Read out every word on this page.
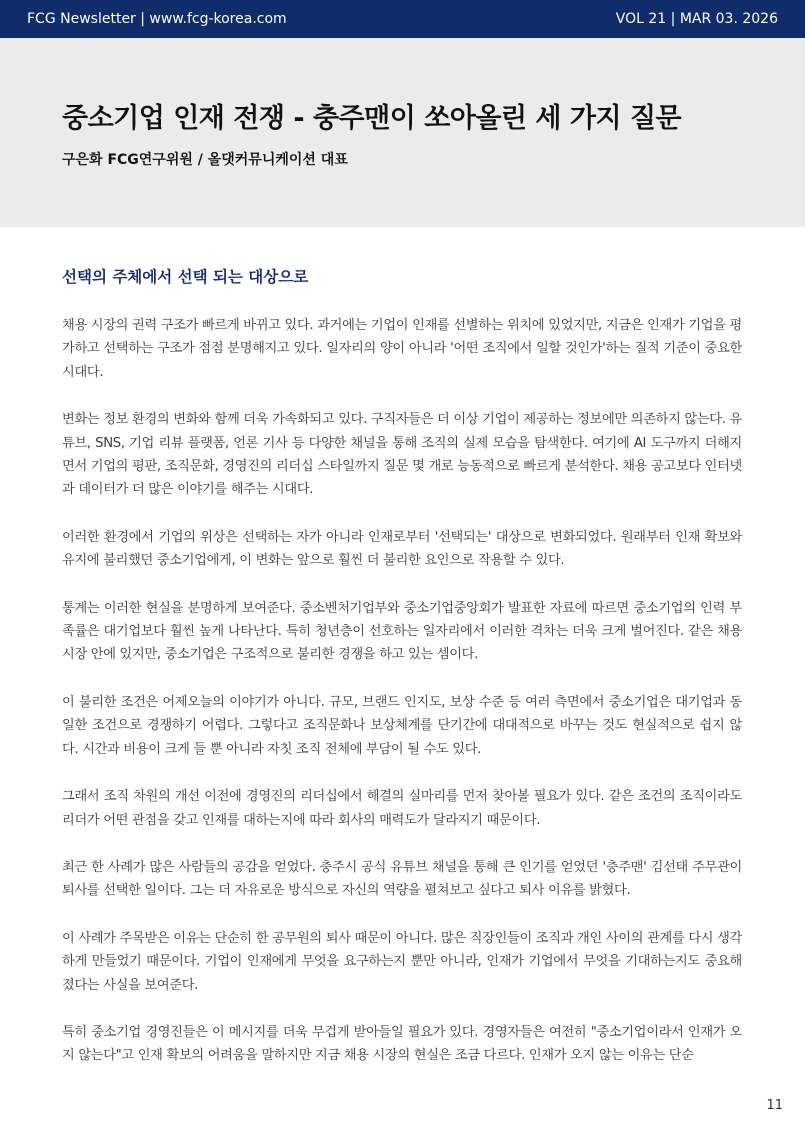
FCG Newsletter | www.fcg-korea.com	VOL 21 | MAR 03. 2026
중소기업 인재 전쟁 - 충주맨이 쏘아올린 세 가지 질문
구은화 FCG연구위원 / 올댓커뮤니케이션 대표
선택의 주체에서 선택 되는 대상으로

채용 시장의 권력 구조가 빠르게 바뀌고 있다. 과거에는 기업이 인재를 선별하는 위치에 있었지만, 지금은 인재가 기업을 평가하고 선택하는 구조가 점점 분명해지고 있다. 일자리의 양이 아니라 '어떤 조직에서 일할 것인가'하는 질적 기준이 중요한 시대다.

변화는 정보 환경의 변화와 함께 더욱 가속화되고 있다. 구직자들은 더 이상 기업이 제공하는 정보에만 의존하지 않는다. 유튜브, SNS, 기업 리뷰 플랫폼, 언론 기사 등 다양한 채널을 통해 조직의 실제 모습을 탐색한다. 여기에 AI 도구까지 더해지면서 기업의 평판, 조직문화, 경영진의 리더십 스타일까지 질문 몇 개로 능동적으로 빠르게 분석한다. 채용 공고보다 인터넷과 데이터가 더 많은 이야기를 해주는 시대다.

이러한 환경에서 기업의 위상은 선택하는 자가 아니라 인재로부터 '선택되는' 대상으로 변화되었다. 원래부터 인재 확보와 유지에 불리했던 중소기업에게, 이 변화는 앞으로 훨씬 더 불리한 요인으로 작용할 수 있다.

통계는 이러한 현실을 분명하게 보여준다. 중소벤처기업부와 중소기업중앙회가 발표한 자료에 따르면 중소기업의 인력 부족률은 대기업보다 훨씬 높게 나타난다. 특히 청년층이 선호하는 일자리에서 이러한 격차는 더욱 크게 벌어진다. 같은 채용 시장 안에 있지만, 중소기업은 구조적으로 불리한 경쟁을 하고 있는 셈이다.

이 불리한 조건은 어제오늘의 이야기가 아니다. 규모, 브랜드 인지도, 보상 수준 등 여러 측면에서 중소기업은 대기업과 동일한 조건으로 경쟁하기 어렵다. 그렇다고 조직문화나 보상체계를 단기간에 대대적으로 바꾸는 것도 현실적으로 쉽지 않다. 시간과 비용이 크게 들 뿐 아니라 자칫 조직 전체에 부담이 될 수도 있다.

그래서 조직 차원의 개선 이전에 경영진의 리더십에서 해결의 실마리를 먼저 찾아볼 필요가 있다. 같은 조건의 조직이라도 리더가 어떤 관점을 갖고 인재를 대하는지에 따라 회사의 매력도가 달라지기 때문이다.

최근 한 사례가 많은 사람들의 공감을 얻었다. 충주시 공식 유튜브 채널을 통해 큰 인기를 얻었던 '충주맨' 김선태 주무관이 퇴사를 선택한 일이다. 그는 더 자유로운 방식으로 자신의 역량을 펼쳐보고 싶다고 퇴사 이유를 밝혔다.

이 사례가 주목받은 이유는 단순히 한 공무원의 퇴사 때문이 아니다. 많은 직장인들이 조직과 개인 사이의 관계를 다시 생각하게 만들었기 때문이다. 기업이 인재에게 무엇을 요구하는지 뿐만 아니라, 인재가 기업에서 무엇을 기대하는지도 중요해졌다는 사실을 보여준다.

특히 중소기업 경영진들은 이 메시지를 더욱 무겁게 받아들일 필요가 있다. 경영자들은 여전히 "중소기업이라서 인재가 오지 않는다"고 인재 확보의 어려움을 말하지만 지금 채용 시장의 현실은 조금 다르다. 인재가 오지 않는 이유는 단순

11
